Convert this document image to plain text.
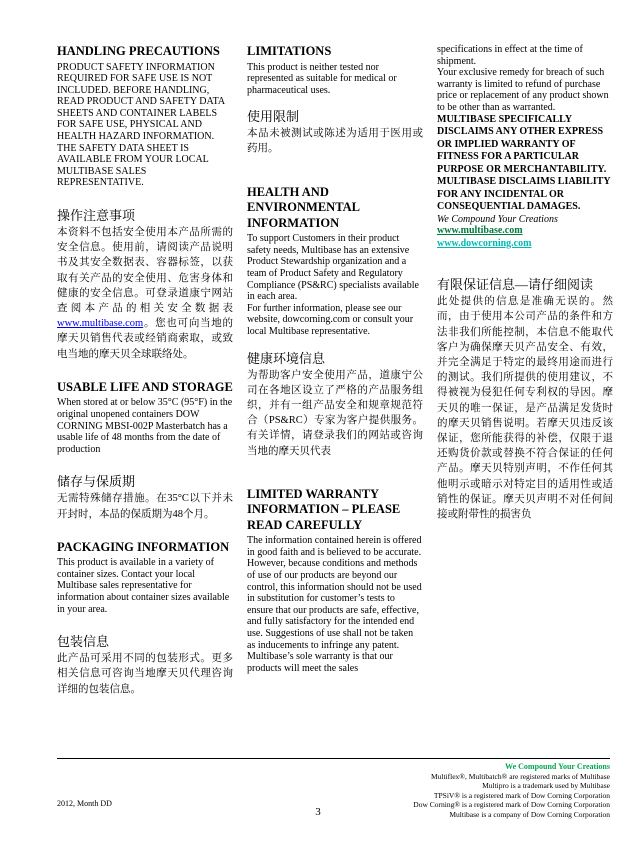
HANDLING PRECAUTIONS

PRODUCT SAFETY INFORMATION REQUIRED FOR SAFE USE IS NOT INCLUDED. BEFORE HANDLING, READ PRODUCT AND SAFETY DATA SHEETS AND CONTAINER LABELS FOR SAFE USE, PHYSICAL AND HEALTH HAZARD INFORMATION. THE SAFETY DATA SHEET IS AVAILABLE FROM YOUR LOCAL MULTIBASE SALES REPRESENTATIVE.

操作注意事项

本资料不包括安全使用本产品所需的安全信息。使用前，请阅读产品说明书及其安全数据表、容器标签，以获取有关产品的安全使用、危害身体和健康的安全信息。可登录道康宁网站查阅本产品的相关安全数据表www.multibase.com。您也可向当地的摩天贝销售代表或经销商索取，或致电当地的摩天贝全球联络处。

USABLE LIFE AND STORAGE

When stored at or below 35°C (95°F) in the original unopened containers DOW CORNING MBSI-002P Masterbatch has a usable life of 48 months from the date of production

储存与保质期

无需特殊储存措施。在35°C以下并未开封时，本品的保质期为48个月。

PACKAGING INFORMATION

This product is available in a variety of container sizes. Contact your local Multibase sales representative for information about container sizes available in your area.

包装信息

此产品可采用不同的包装形式。更多相关信息可咨询当地摩天贝代理咨询详细的包装信息。

LIMITATIONS

This product is neither tested nor represented as suitable for medical or pharmaceutical uses.

使用限制

本品未被测试或陈述为适用于医用或药用。

HEALTH AND ENVIRONMENTAL INFORMATION

To support Customers in their product safety needs, Multibase has an extensive Product Stewardship organization and a team of Product Safety and Regulatory Compliance (PS&RC) specialists available in each area.

For further information, please see our website, dowcorning.com or consult your local Multibase representative.

健康环境信息

为帮助客户安全使用产品，道康宁公司在各地区设立了严格的产品服务组织，并有一组产品安全和规章规范符合（PS&RC）专家为客户提供服务。有关详情，请登录我们的网站或咨询当地的摩天贝代表

LIMITED WARRANTY INFORMATION – PLEASE READ CAREFULLY

The information contained herein is offered in good faith and is believed to be accurate. However, because conditions and methods of use of our products are beyond our control, this information should not be used in substitution for customer’s tests to ensure that our products are safe, effective, and fully satisfactory for the intended end use. Suggestions of use shall not be taken as inducements to infringe any patent.

Multibase’s sole warranty is that our products will meet the sales

specifications in effect at the time of shipment.

Your exclusive remedy for breach of such warranty is limited to refund of purchase price or replacement of any product shown to be other than as warranted.

MULTIBASE SPECIFICALLY DISCLAIMS ANY OTHER EXPRESS OR IMPLIED WARRANTY OF FITNESS FOR A PARTICULAR PURPOSE OR MERCHANTABILITY.

MULTIBASE DISCLAIMS LIABILITY FOR ANY INCIDENTAL OR CONSEQUENTIAL DAMAGES.

We Compound Your Creations

www.multibase.com

www.dowcorning.com

有限保证信息—请仔细阅读

此处提供的信息是准确无误的。然而，由于使用本公司产品的条件和方法非我们所能控制，本信息不能取代客户为确保摩天贝产品安全、有效，并完全满足于特定的最终用途而进行的测试。我们所提供的使用建议，不得被视为侵犯任何专利权的导因。摩天贝的唯一保证，是产品满足发货时的摩天贝销售说明。若摩天贝违反该保证，您所能获得的补偿，仅限于退还购货价款或替换不符合保证的任何产品。摩天贝特别声明，不作任何其他明示或暗示对特定目的适用性或适销性的保证。摩天贝声明不对任何间接或附带性的损害负

We Compound Your Creations

Multiflex®, Multibatch® are registered marks of Multibase

Multipro is a trademark used by Multibase

TPSiV® is a registered mark of Dow Corning Corporation

Dow Corning® is a registered mark of Dow Corning Corporation

Multibase is a company of Dow Corning Corporation

2012, Month DD
3
